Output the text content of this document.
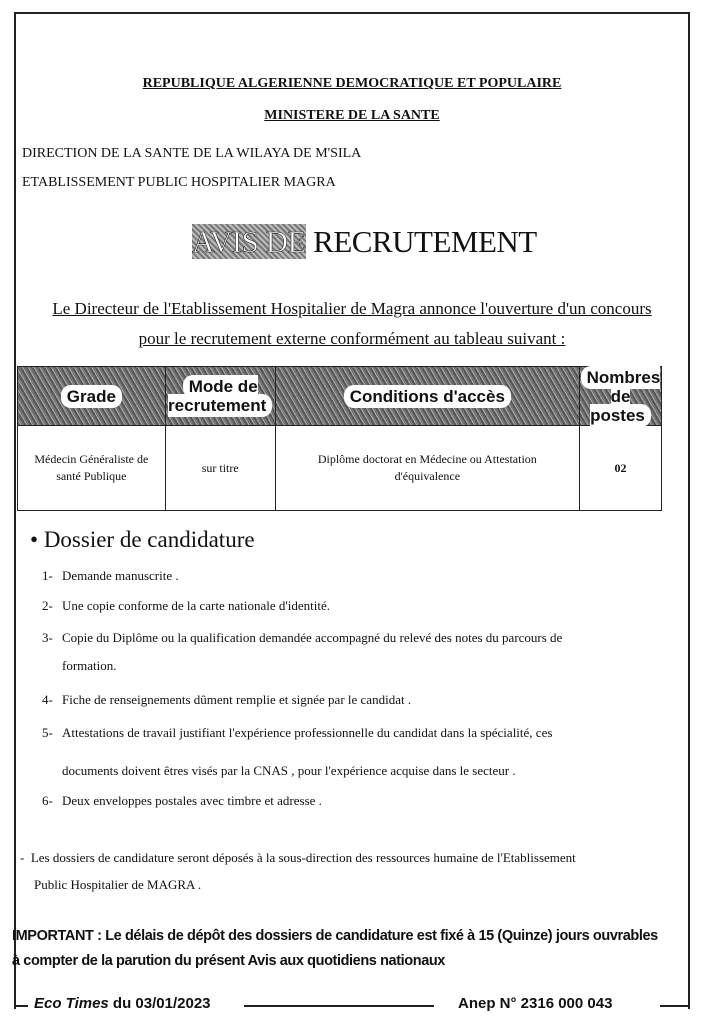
REPUBLIQUE ALGERIENNE DEMOCRATIQUE ET POPULAIRE
MINISTERE DE LA SANTE
DIRECTION DE LA SANTE DE LA WILAYA DE M'SILA
ETABLISSEMENT PUBLIC HOSPITALIER MAGRA
AVIS DE RECRUTEMENT
Le Directeur de l'Etablissement Hospitalier de Magra annonce l'ouverture d'un concours
pour le recrutement externe conformément au tableau suivant :
Grade	Mode de recrutement	Conditions d'accès	Nombres de postes
Médecin Généraliste de santé Publique	sur titre	Diplôme doctorat en Médecine ou Attestation d'équivalence	02
• Dossier de candidature
1- Demande manuscrite .
2- Une copie conforme de la carte nationale d'identité.
3- Copie du Diplôme ou la qualification demandée accompagné du relevé des notes du parcours de
formation.
4- Fiche de renseignements dûment remplie et signée par le candidat .
5- Attestations de travail justifiant l'expérience professionnelle du candidat dans la spécialité, ces
documents doivent êtres visés par la CNAS , pour l'expérience acquise dans le secteur .
6- Deux enveloppes postales avec timbre et adresse .
-  Les dossiers de candidature seront déposés à la sous-direction des ressources humaine de l'Etablissement
Public Hospitalier de MAGRA .
IMPORTANT : Le délais de dépôt des dossiers de candidature est fixé à 15 (Quinze) jours ouvrables
à compter de la parution du présent Avis aux quotidiens nationaux
Eco Times du 03/01/2023	Anep N° 2316 000 043
